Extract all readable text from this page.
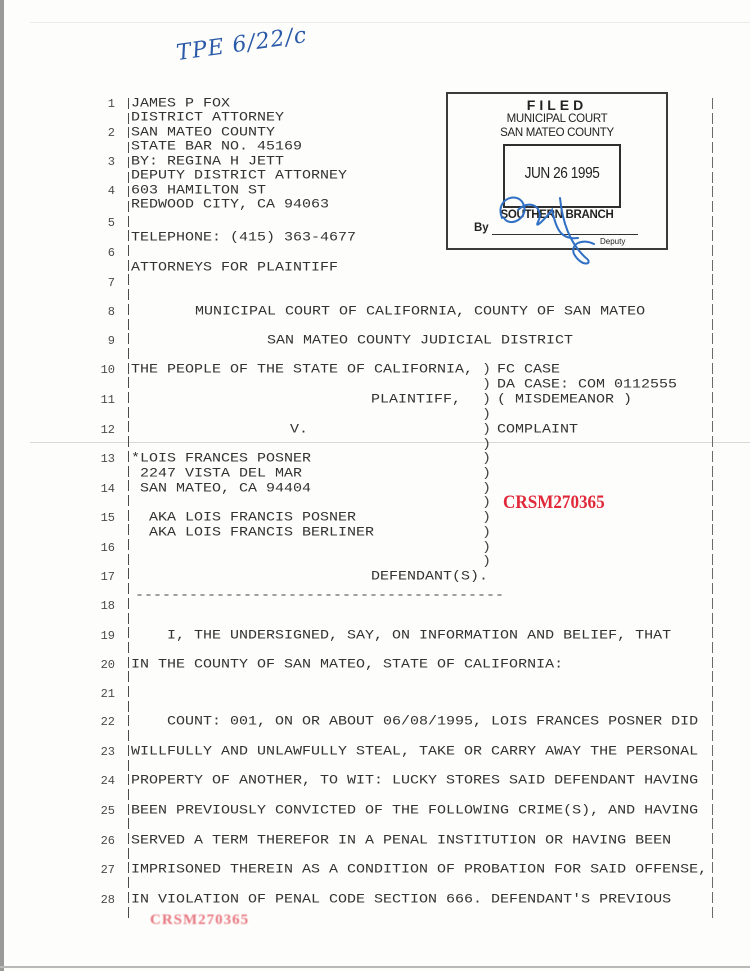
TPE 6/22/c
1
2
3
4
5
6
7
8
9
10
11
12
13
14
15
16
17
18
19
20
21
22
23
24
25
26
27
28
JAMES P FOX
DISTRICT ATTORNEY
SAN MATEO COUNTY
STATE BAR NO. 45169
BY: REGINA H JETT
DEPUTY DISTRICT ATTORNEY
603 HAMILTON ST
REDWOOD CITY, CA 94063
TELEPHONE: (415) 363-4677
ATTORNEYS FOR PLAINTIFF
FILED
MUNICIPAL COURT
SAN MATEO COUNTY
JUN 26 1995
SOUTHERN BRANCH
By
Deputy
MUNICIPAL COURT OF CALIFORNIA, COUNTY OF SAN MATEO
SAN MATEO COUNTY JUDICIAL DISTRICT
THE PEOPLE OF THE STATE OF CALIFORNIA,
PLAINTIFF,
V.
FC CASE
DA CASE: COM 0112555
( MISDEMEANOR )
COMPLAINT
)
)
)
)
)
)
)
)
)
)
)
)
)
)
*LOIS FRANCES POSNER
2247 VISTA DEL MAR
SAN MATEO, CA 94404
AKA LOIS FRANCIS POSNER
AKA LOIS FRANCIS BERLINER
DEFENDANT(S).
-----------------------------------------
CRSM270365
I, THE UNDERSIGNED, SAY, ON INFORMATION AND BELIEF, THAT
IN THE COUNTY OF SAN MATEO, STATE OF CALIFORNIA:
COUNT: 001, ON OR ABOUT 06/08/1995, LOIS FRANCES POSNER DID
WILLFULLY AND UNLAWFULLY STEAL, TAKE OR CARRY AWAY THE PERSONAL
PROPERTY OF ANOTHER, TO WIT: LUCKY STORES SAID DEFENDANT HAVING
BEEN PREVIOUSLY CONVICTED OF THE FOLLOWING CRIME(S), AND HAVING
SERVED A TERM THEREFOR IN A PENAL INSTITUTION OR HAVING BEEN
IMPRISONED THEREIN AS A CONDITION OF PROBATION FOR SAID OFFENSE,
IN VIOLATION OF PENAL CODE SECTION 666. DEFENDANT'S PREVIOUS
CRSM270365
